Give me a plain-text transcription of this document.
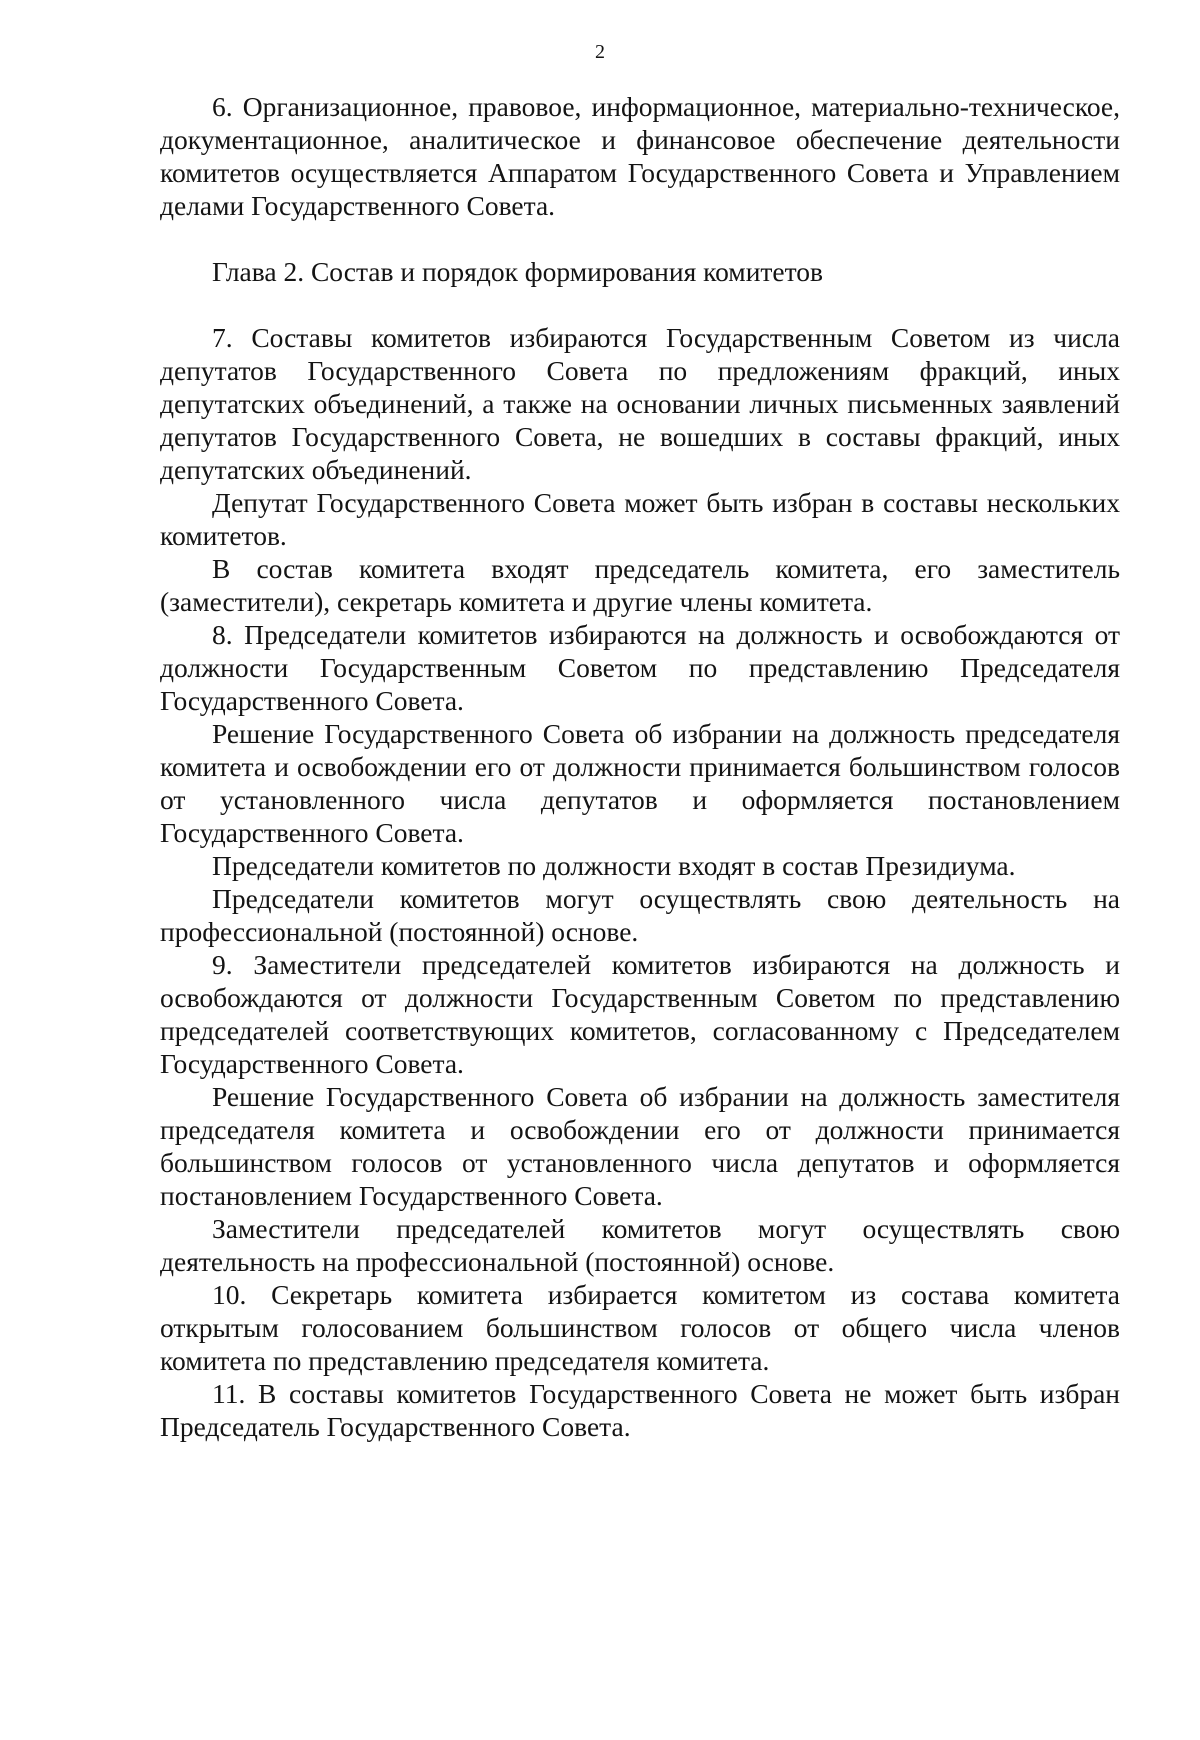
2

6. Организационное, правовое, информационное, материально-техническое, документационное, аналитическое и финансовое обеспечение деятельности комитетов осуществляется Аппаратом Государственного Совета и Управлением делами Государственного Совета.

Глава 2. Состав и порядок формирования комитетов

7. Составы комитетов избираются Государственным Советом из числа депутатов Государственного Совета по предложениям фракций, иных депутатских объединений, а также на основании личных письменных заявлений депутатов Государственного Совета, не вошедших в составы фракций, иных депутатских объединений.

Депутат Государственного Совета может быть избран в составы нескольких комитетов.

В состав комитета входят председатель комитета, его заместитель (заместители), секретарь комитета и другие члены комитета.

8. Председатели комитетов избираются на должность и освобождаются от должности Государственным Советом по представлению Председателя Государственного Совета.

Решение Государственного Совета об избрании на должность председателя комитета и освобождении его от должности принимается большинством голосов от установленного числа депутатов и оформляется постановлением Государственного Совета.

Председатели комитетов по должности входят в состав Президиума.

Председатели комитетов могут осуществлять свою деятельность на профессиональной (постоянной) основе.

9. Заместители председателей комитетов избираются на должность и освобождаются от должности Государственным Советом по представлению председателей соответствующих комитетов, согласованному с Председателем Государственного Совета.

Решение Государственного Совета об избрании на должность заместителя председателя комитета и освобождении его от должности принимается большинством голосов от установленного числа депутатов и оформляется постановлением Государственного Совета.

Заместители председателей комитетов могут осуществлять свою деятельность на профессиональной (постоянной) основе.

10. Секретарь комитета избирается комитетом из состава комитета открытым голосованием большинством голосов от общего числа членов комитета по представлению председателя комитета.

11. В составы комитетов Государственного Совета не может быть избран Председатель Государственного Совета.
